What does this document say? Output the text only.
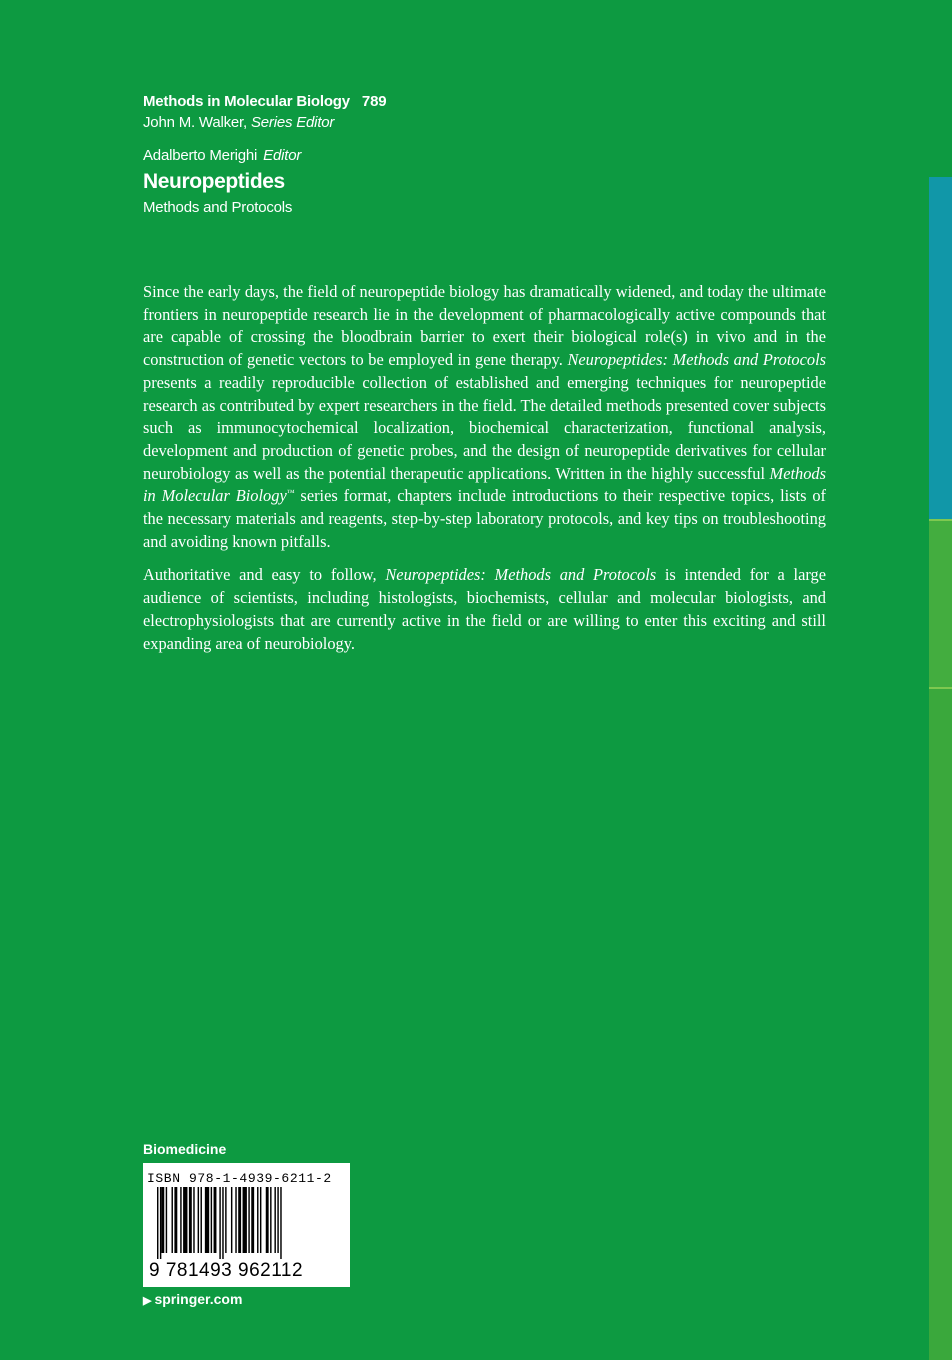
Methods in Molecular Biology 789
John M. Walker, Series Editor
Adalberto Merighi Editor
Neuropeptides
Methods and Protocols

Since the early days, the field of neuropeptide biology has dramatically widened, and today the ultimate frontiers in neuropeptide research lie in the development of pharmacologically active compounds that are capable of crossing the bloodbrain barrier to exert their biological role(s) in vivo and in the construction of genetic vectors to be employed in gene therapy. Neuropeptides: Methods and Protocols presents a readily reproducible collection of established and emerging techniques for neuropeptide research as contributed by expert researchers in the field. The detailed methods presented cover subjects such as immunocytochemical localization, biochemical characterization, functional analysis, development and production of genetic probes, and the design of neuropeptide derivatives for cellular neurobiology as well as the potential therapeutic applications. Written in the highly successful Methods in Molecular Biology™ series format, chapters include introductions to their respective topics, lists of the necessary materials and reagents, step-by-step laboratory protocols, and key tips on troubleshooting and avoiding known pitfalls.

Authoritative and easy to follow, Neuropeptides: Methods and Protocols is intended for a large audience of scientists, including histologists, biochemists, cellular and molecular biologists, and electrophysiologists that are currently active in the field or are willing to enter this exciting and still expanding area of neurobiology.

Biomedicine
ISBN 978-1-4939-6211-2
9 781493 962112
▶ springer.com
